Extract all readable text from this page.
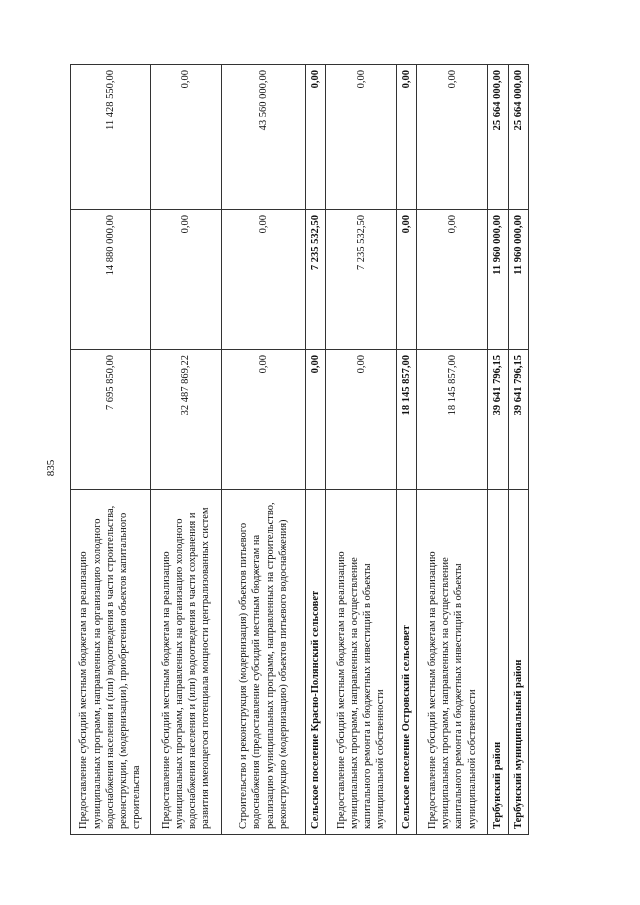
835
Предоставление субсидий местным бюджетам на реализацию муниципальных программ, направленных на организацию холодного водоснабжения населения и (или) водоотведения в части строительства, реконструкции, (модернизации), приобретения объектов капитального строительства	7 695 850,00	14 880 000,00	11 428 550,00
Предоставление субсидий местным бюджетам на реализацию муниципальных программ, направленных на организацию холодного водоснабжения населения и (или) водоотведения в части сохранения и развития имеющегося потенциала мощности централизованных систем	32 487 869,22	0,00	0,00
Строительство и реконструкция (модернизация) объектов питьевого водоснабжения (предоставление субсидий местным бюджетам на реализацию муниципальных программ, направленных на строительство, реконструкцию (модернизацию) объектов питьевого водоснабжения)	0,00	0,00	43 560 000,00
Сельское поселение Красно-Полянский сельсовет	0,00	7 235 532,50	0,00
Предоставление субсидий местным бюджетам на реализацию муниципальных программ, направленных на осуществление капитального ремонта и бюджетных инвестиций в объекты муниципальной собственности	0,00	7 235 532,50	0,00
Сельское поселение Островский сельсовет	18 145 857,00	0,00	0,00
Предоставление субсидий местным бюджетам на реализацию муниципальных программ, направленных на осуществление капитального ремонта и бюджетных инвестиций в объекты муниципальной собственности	18 145 857,00	0,00	0,00
Тербунский район	39 641 796,15	11 960 000,00	25 664 000,00
Тербунский муниципальный район	39 641 796,15	11 960 000,00	25 664 000,00
